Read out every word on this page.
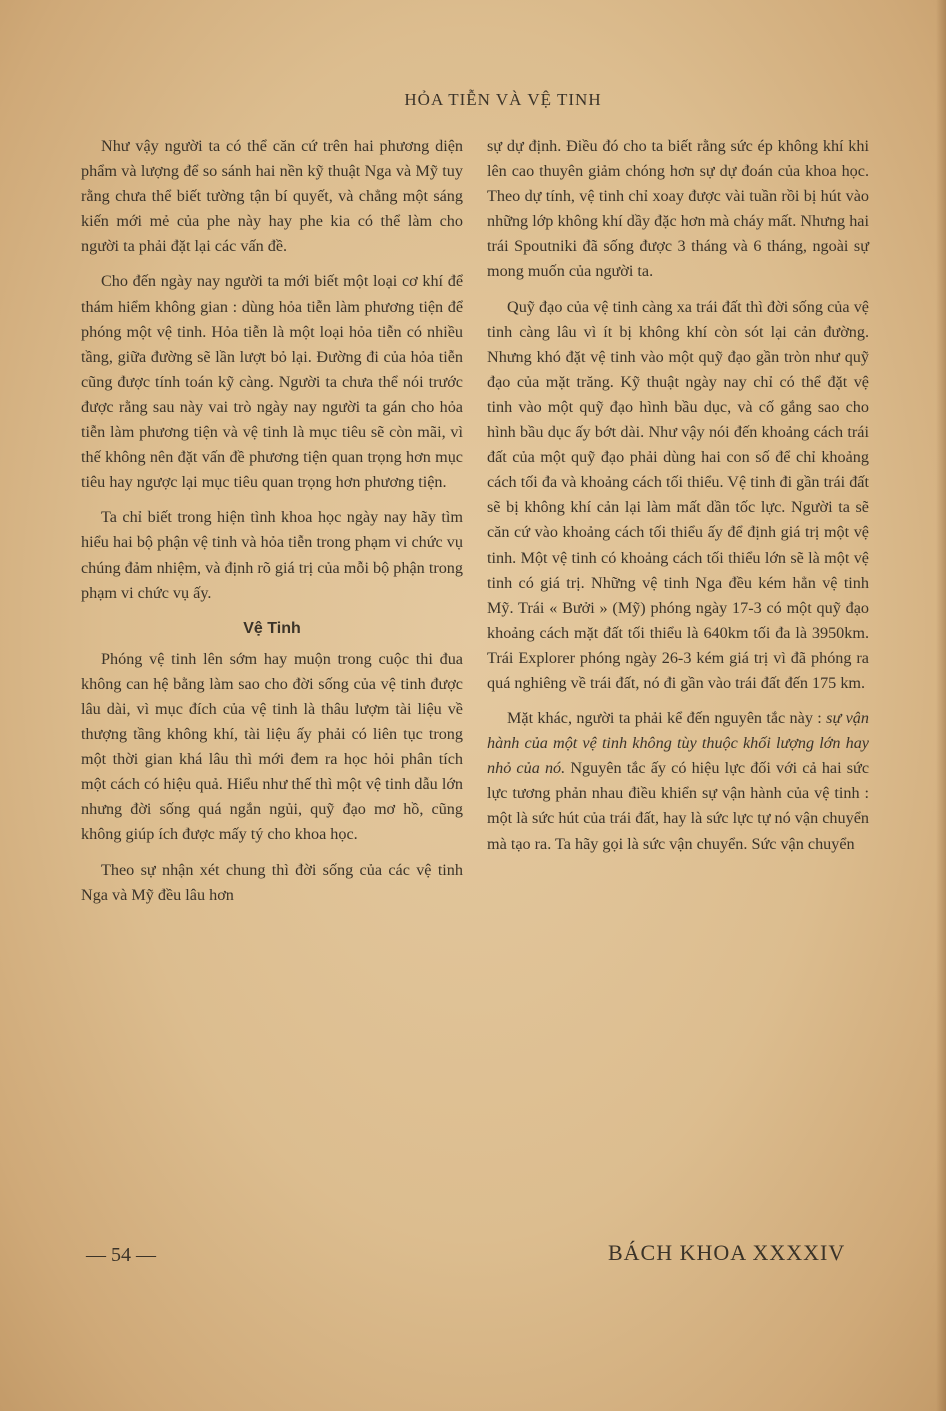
HỎA TIỄN VÀ VỆ TINH

Như vậy người ta có thể căn cứ trên hai phương diện phẩm và lượng để so sánh hai nền kỹ thuật Nga và Mỹ tuy rằng chưa thể biết tường tận bí quyết, và chẳng một sáng kiến mới mẻ của phe này hay phe kia có thể làm cho người ta phải đặt lại các vấn đề.

Cho đến ngày nay người ta mới biết một loại cơ khí để thám hiểm không gian : dùng hỏa tiễn làm phương tiện để phóng một vệ tinh. Hỏa tiễn là một loại hỏa tiễn có nhiều tầng, giữa đường sẽ lần lượt bỏ lại. Đường đi của hỏa tiễn cũng được tính toán kỹ càng. Người ta chưa thể nói trước được rằng sau này vai trò ngày nay người ta gán cho hỏa tiễn làm phương tiện và vệ tinh là mục tiêu sẽ còn mãi, vì thế không nên đặt vấn đề phương tiện quan trọng hơn mục tiêu hay ngược lại mục tiêu quan trọng hơn phương tiện.

Ta chỉ biết trong hiện tình khoa học ngày nay hãy tìm hiểu hai bộ phận vệ tinh và hỏa tiễn trong phạm vi chức vụ chúng đảm nhiệm, và định rõ giá trị của mỗi bộ phận trong phạm vi chức vụ ấy.

Vệ Tinh

Phóng vệ tinh lên sớm hay muộn trong cuộc thi đua không can hệ bằng làm sao cho đời sống của vệ tinh được lâu dài, vì mục đích của vệ tinh là thâu lượm tài liệu về thượng tầng không khí, tài liệu ấy phải có liên tục trong một thời gian khá lâu thì mới đem ra học hỏi phân tích một cách có hiệu quả. Hiểu như thế thì một vệ tinh dẫu lớn nhưng đời sống quá ngắn ngủi, quỹ đạo mơ hồ, cũng không giúp ích được mấy tý cho khoa học.

Theo sự nhận xét chung thì đời sống của các vệ tinh Nga và Mỹ đều lâu hơn

sự dự định. Điều đó cho ta biết rằng sức ép không khí khi lên cao thuyên giảm chóng hơn sự dự đoán của khoa học. Theo dự tính, vệ tinh chỉ xoay được vài tuần rồi bị hút vào những lớp không khí dầy đặc hơn mà cháy mất. Nhưng hai trái Spoutniki đã sống được 3 tháng và 6 tháng, ngoài sự mong muốn của người ta.

Quỹ đạo của vệ tinh càng xa trái đất thì đời sống của vệ tinh càng lâu vì ít bị không khí còn sót lại cản đường. Nhưng khó đặt vệ tinh vào một quỹ đạo gần tròn như quỹ đạo của mặt trăng. Kỹ thuật ngày nay chỉ có thể đặt vệ tinh vào một quỹ đạo hình bầu dục, và cố gắng sao cho hình bầu dục ấy bớt dài. Như vậy nói đến khoảng cách trái đất của một quỹ đạo phải dùng hai con số để chỉ khoảng cách tối đa và khoảng cách tối thiểu. Vệ tinh đi gần trái đất sẽ bị không khí cản lại làm mất dần tốc lực. Người ta sẽ căn cứ vào khoảng cách tối thiểu ấy để định giá trị một vệ tinh. Một vệ tinh có khoảng cách tối thiểu lớn sẽ là một vệ tinh có giá trị. Những vệ tinh Nga đều kém hẳn vệ tinh Mỹ. Trái « Bưởi » (Mỹ) phóng ngày 17-3 có một quỹ đạo khoảng cách mặt đất tối thiểu là 640km tối đa là 3950km. Trái Explorer phóng ngày 26-3 kém giá trị vì đã phóng ra quá nghiêng về trái đất, nó đi gần vào trái đất đến 175 km.

Mặt khác, người ta phải kể đến nguyên tắc này : sự vận hành của một vệ tinh không tùy thuộc khối lượng lớn hay nhỏ của nó. Nguyên tắc ấy có hiệu lực đối với cả hai sức lực tương phản nhau điều khiển sự vận hành của vệ tinh : một là sức hút của trái đất, hay là sức lực tự nó vận chuyển mà tạo ra. Ta hãy gọi là sức vận chuyển. Sức vận chuyển

— 54 —	BÁCH KHOA XXXXIV
